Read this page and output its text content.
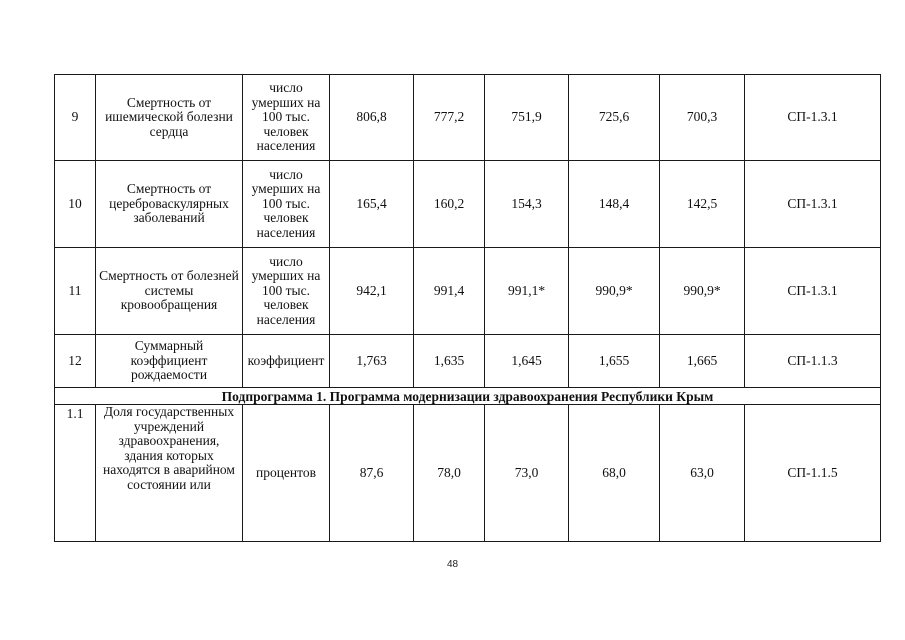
9	Смертность от ишемической болезни сердца	число умерших на 100 тыс. человек населения	806,8	777,2	751,9	725,6	700,3	СП-1.3.1
10	Смертность от цереброваскулярных заболеваний	число умерших на 100 тыс. человек населения	165,4	160,2	154,3	148,4	142,5	СП-1.3.1
11	Смертность от болезней системы кровообращения	число умерших на 100 тыс. человек населения	942,1	991,4	991,1*	990,9*	990,9*	СП-1.3.1
12	Суммарный коэффициент рождаемости	коэффициент	1,763	1,635	1,645	1,655	1,665	СП-1.1.3
Подпрограмма 1. Программа модернизации здравоохранения Республики Крым								
1.1	Доля государственных учреждений здравоохранения, здания которых находятся в аварийном состоянии или	процентов	87,6	78,0	73,0	68,0	63,0	СП-1.1.5
48
